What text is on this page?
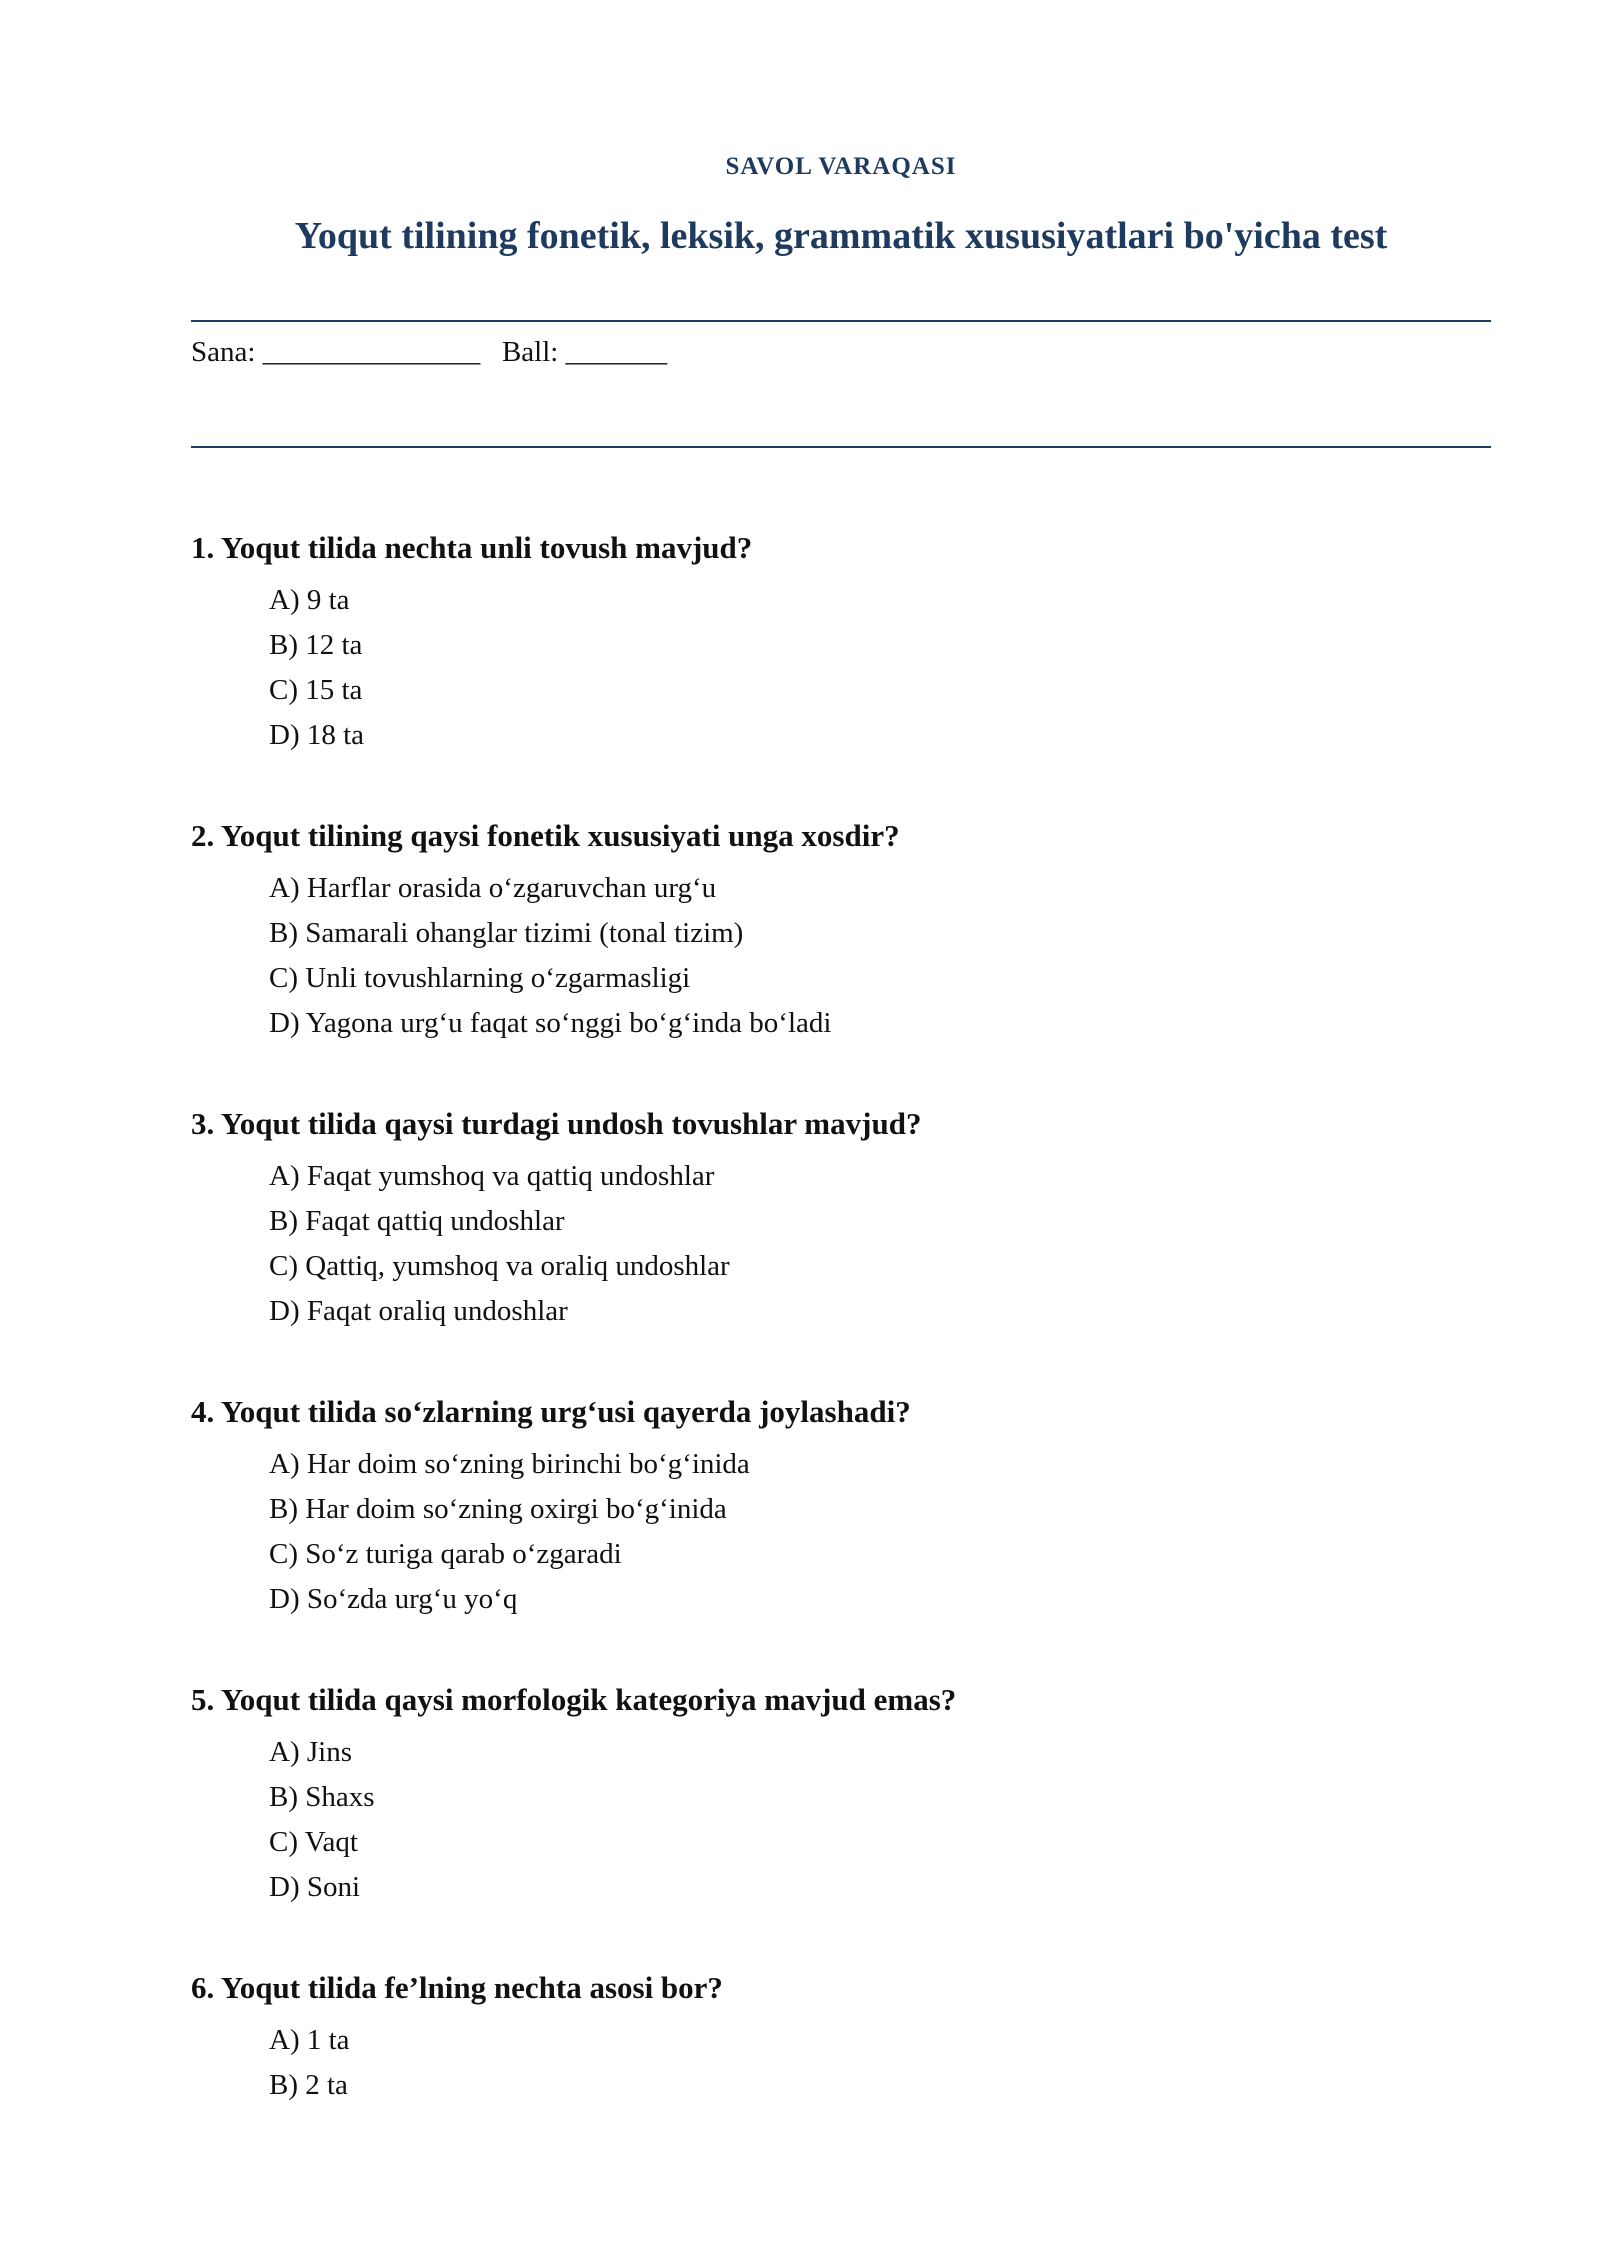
SAVOL VARAQASI
Yoqut tilining fonetik, leksik, grammatik xususiyatlari bo'yicha test
Sana: _______________ Ball: _______
1. Yoqut tilida nechta unli tovush mavjud?
A) 9 ta
B) 12 ta
C) 15 ta
D) 18 ta
2. Yoqut tilining qaysi fonetik xususiyati unga xosdir?
A) Harflar orasida o‘zgaruvchan urg‘u
B) Samarali ohanglar tizimi (tonal tizim)
C) Unli tovushlarning o‘zgarmasligi
D) Yagona urg‘u faqat so‘nggi bo‘g‘inda bo‘ladi
3. Yoqut tilida qaysi turdagi undosh tovushlar mavjud?
A) Faqat yumshoq va qattiq undoshlar
B) Faqat qattiq undoshlar
C) Qattiq, yumshoq va oraliq undoshlar
D) Faqat oraliq undoshlar
4. Yoqut tilida so‘zlarning urg‘usi qayerda joylashadi?
A) Har doim so‘zning birinchi bo‘g‘inida
B) Har doim so‘zning oxirgi bo‘g‘inida
C) So‘z turiga qarab o‘zgaradi
D) So‘zda urg‘u yo‘q
5. Yoqut tilida qaysi morfologik kategoriya mavjud emas?
A) Jins
B) Shaxs
C) Vaqt
D) Soni
6. Yoqut tilida fe’lning nechta asosi bor?
A) 1 ta
B) 2 ta
